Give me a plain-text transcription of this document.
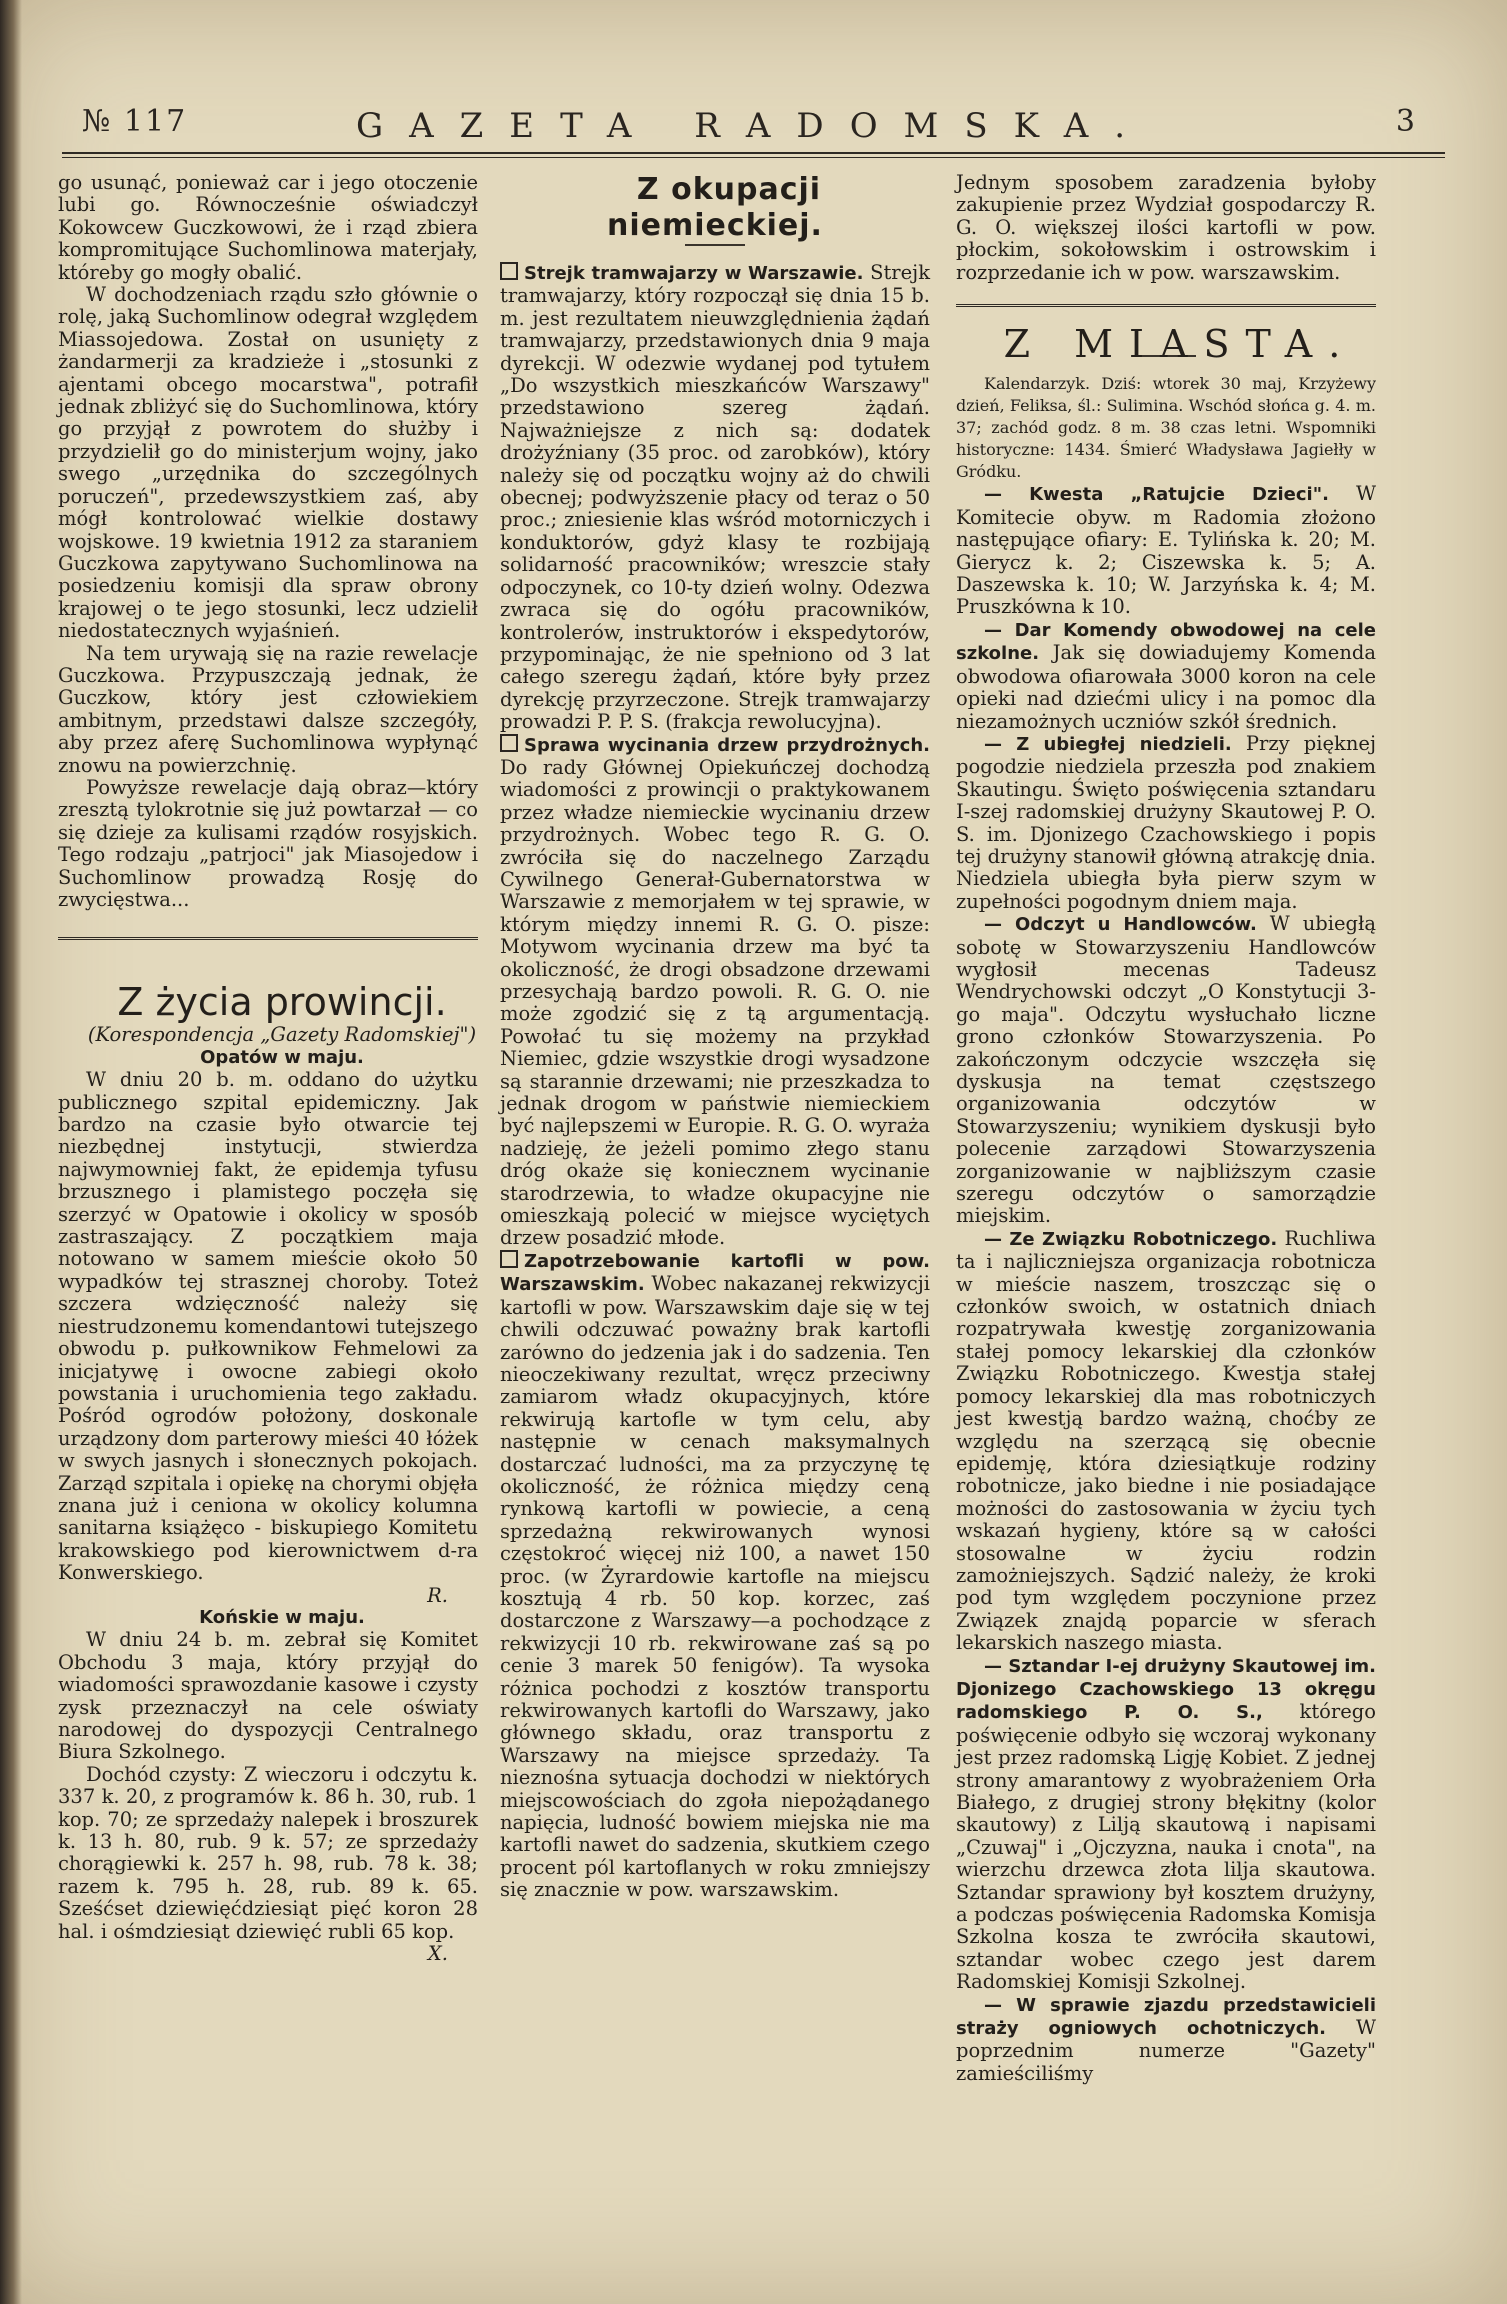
№ 117	GAZETA RADOMSKA.	3

go usunąć, ponieważ car i jego otoczenie lubi go. Równocześnie oświadczył Kokowcew Guczkowowi, że i rząd zbiera kompromitujące Suchomlinowa materjały, któreby go mogły obalić.

W dochodzeniach rządu szło głównie o rolę, jaką Suchomlinow odegrał względem Miassojedowa. Został on usunięty z żandarmerji za kradzieże i „stosunki z ajentami obcego mocarstwa", potrafił jednak zbliżyć się do Suchomlinowa, który go przyjął z powrotem do służby i przydzielił go do ministerjum wojny, jako swego „urzędnika do szczególnych poruczeń", przedewszystkiem zaś, aby mógł kontrolować wielkie dostawy wojskowe. 19 kwietnia 1912 za staraniem Guczkowa zapytywano Suchomlinowa na posiedzeniu komisji dla spraw obrony krajowej o te jego stosunki, lecz udzielił niedostatecznych wyjaśnień.

Na tem urywają się na razie rewelacje Guczkowa. Przypuszczają jednak, że Guczkow, który jest człowiekiem ambitnym, przedstawi dalsze szczegóły, aby przez aferę Suchomlinowa wypłynąć znowu na powierzchnię.

Powyższe rewelacje dają obraz—który zresztą tylokrotnie się już powtarzał — co się dzieje za kulisami rządów rosyjskich. Tego rodzaju „patrjoci" jak Miasojedow i Suchomlinow prowadzą Rosję do zwycięstwa...

Z życia prowincji.

(Korespondencja „Gazety Radomskiej")

Opatów w maju.

W dniu 20 b. m. oddano do użytku publicznego szpital epidemiczny. Jak bardzo na czasie było otwarcie tej niezbędnej instytucji, stwierdza najwymowniej fakt, że epidemja tyfusu brzusznego i plamistego poczęła się szerzyć w Opatowie i okolicy w sposób zastraszający. Z początkiem maja notowano w samem mieście około 50 wypadków tej strasznej choroby. Toteż szczera wdzięczność należy się niestrudzonemu komendantowi tutejszego obwodu p. pułkownikow Fehmelowi za inicjatywę i owocne zabiegi około powstania i uruchomienia tego zakładu. Pośród ogrodów położony, doskonale urządzony dom parterowy mieści 40 łóżek w swych jasnych i słonecznych pokojach. Zarząd szpitala i opiekę na chorymi objęła znana już i ceniona w okolicy kolumna sanitarna książęco - biskupiego Komitetu krakowskiego pod kierownictwem d-ra Konwerskiego.

R.

Końskie w maju.

W dniu 24 b. m. zebrał się Komitet Obchodu 3 maja, który przyjął do wiadomości sprawozdanie kasowe i czysty zysk przeznaczył na cele oświaty narodowej do dyspozycji Centralnego Biura Szkolnego.

Dochód czysty: Z wieczoru i odczytu k. 337 k. 20, z programów k. 86 h. 30, rub. 1 kop. 70; ze sprzedaży nalepek i broszurek k. 13 h. 80, rub. 9 k. 57; ze sprzedaży chorągiewki k. 257 h. 98, rub. 78 k. 38; razem k. 795 h. 28, rub. 89 k. 65. Sześćset dziewięćdziesiąt pięć koron 28 hal. i ośmdziesiąt dziewięć rubli 65 kop.

X.

Z okupacji niemieckiej.

Strejk tramwajarzy w Warszawie. Strejk tramwajarzy, który rozpoczął się dnia 15 b. m. jest rezultatem nieuwzględnienia żądań tramwajarzy, przedstawionych dnia 9 maja dyrekcji. W odezwie wydanej pod tytułem „Do wszystkich mieszkańców Warszawy" przedstawiono szereg żądań. Najważniejsze z nich są: dodatek drożyźniany (35 proc. od zarobków), który należy się od początku wojny aż do chwili obecnej; podwyższenie płacy od teraz o 50 proc.; zniesienie klas wśród motorniczych i konduktorów, gdyż klasy te rozbijają solidarność pracowników; wreszcie stały odpoczynek, co 10-ty dzień wolny. Odezwa zwraca się do ogółu pracowników, kontrolerów, instruktorów i ekspedytorów, przypominając, że nie spełniono od 3 lat całego szeregu żądań, które były przez dyrekcję przyrzeczone. Strejk tramwajarzy prowadzi P. P. S. (frakcja rewolucyjna).

Sprawa wycinania drzew przydrożnych. Do rady Głównej Opiekuńczej dochodzą wiadomości z prowincji o praktykowanem przez władze niemieckie wycinaniu drzew przydrożnych. Wobec tego R. G. O. zwróciła się do naczelnego Zarządu Cywilnego Generał-Gubernatorstwa w Warszawie z memorjałem w tej sprawie, w którym między innemi R. G. O. pisze: Motywom wycinania drzew ma być ta okoliczność, że drogi obsadzone drzewami przesychają bardzo powoli. R. G. O. nie może zgodzić się z tą argumentacją. Powołać tu się możemy na przykład Niemiec, gdzie wszystkie drogi wysadzone są starannie drzewami; nie przeszkadza to jednak drogom w państwie niemieckiem być najlepszemi w Europie. R. G. O. wyraża nadzieję, że jeżeli pomimo złego stanu dróg okaże się koniecznem wycinanie starodrzewia, to władze okupacyjne nie omieszkają polecić w miejsce wyciętych drzew posadzić młode.

Zapotrzebowanie kartofli w pow. Warszawskim. Wobec nakazanej rekwizycji kartofli w pow. Warszawskim daje się w tej chwili odczuwać poważny brak kartofli zarówno do jedzenia jak i do sadzenia. Ten nieoczekiwany rezultat, wręcz przeciwny zamiarom władz okupacyjnych, które rekwirują kartofle w tym celu, aby następnie w cenach maksymalnych dostarczać ludności, ma za przyczynę tę okoliczność, że różnica między ceną rynkową kartofli w powiecie, a ceną sprzedażną rekwirowanych wynosi częstokroć więcej niż 100, a nawet 150 proc. (w Żyrardowie kartofle na miejscu kosztują 4 rb. 50 kop. korzec, zaś dostarczone z Warszawy—a pochodzące z rekwizycji 10 rb. rekwirowane zaś są po cenie 3 marek 50 fenigów). Ta wysoka różnica pochodzi z kosztów transportu rekwirowanych kartofli do Warszawy, jako głównego składu, oraz transportu z Warszawy na miejsce sprzedaży. Ta nieznośna sytuacja dochodzi w niektórych miejscowościach do zgoła niepożądanego napięcia, ludność bowiem miejska nie ma kartofli nawet do sadzenia, skutkiem czego procent pól kartoflanych w roku zmniejszy się znacznie w pow. warszawskim.

Jednym sposobem zaradzenia byłoby zakupienie przez Wydział gospodarczy R. G. O. większej ilości kartofli w pow. płockim, sokołowskim i ostrowskim i rozprzedanie ich w pow. warszawskim.

Z MIASTA.

Kalendarzyk. Dziś: wtorek 30 maj, Krzyżewy dzień, Feliksa, śl.: Sulimina. Wschód słońca g. 4. m. 37; zachód godz. 8 m. 38 czas letni. Wspomniki historyczne: 1434. Śmierć Władysława Jagiełły w Gródku.

— Kwesta „Ratujcie Dzieci". W Komitecie obyw. m Radomia złożono następujące ofiary: E. Tylińska k. 20; M. Gierycz k. 2; Ciszewska k. 5; A. Daszewska k. 10; W. Jarzyńska k. 4; M. Pruszkówna k 10.

— Dar Komendy obwodowej na cele szkolne. Jak się dowiadujemy Komenda obwodowa ofiarowała 3000 koron na cele opieki nad dziećmi ulicy i na pomoc dla niezamożnych uczniów szkół średnich.

— Z ubiegłej niedzieli. Przy pięknej pogodzie niedziela przeszła pod znakiem Skautingu. Święto poświęcenia sztandaru I-szej radomskiej drużyny Skautowej P. O. S. im. Djonizego Czachowskiego i popis tej drużyny stanowił główną atrakcję dnia. Niedziela ubiegła była pierw szym w zupełności pogodnym dniem maja.

— Odczyt u Handlowców. W ubiegłą sobotę w Stowarzyszeniu Handlowców wygłosił mecenas Tadeusz Wendrychowski odczyt „O Konstytucji 3-go maja". Odczytu wysłuchało liczne grono członków Stowarzyszenia. Po zakończonym odczycie wszczęła się dyskusja na temat częstszego organizowania odczytów w Stowarzyszeniu; wynikiem dyskusji było polecenie zarządowi Stowarzyszenia zorganizowanie w najbliższym czasie szeregu odczytów o samorządzie miejskim.

— Ze Związku Robotniczego. Ruchliwa ta i najliczniejsza organizacja robotnicza w mieście naszem, troszcząc się o członków swoich, w ostatnich dniach rozpatrywała kwestję zorganizowania stałej pomocy lekarskiej dla członków Związku Robotniczego. Kwestja stałej pomocy lekarskiej dla mas robotniczych jest kwestją bardzo ważną, choćby ze względu na szerzącą się obecnie epidemję, która dziesiątkuje rodziny robotnicze, jako biedne i nie posiadające możności do zastosowania w życiu tych wskazań hygieny, które są w całości stosowalne w życiu rodzin zamożniejszych. Sądzić należy, że kroki pod tym względem poczynione przez Związek znajdą poparcie w sferach lekarskich naszego miasta.

— Sztandar I-ej drużyny Skautowej im. Djonizego Czachowskiego 13 okręgu radomskiego P. O. S., którego poświęcenie odbyło się wczoraj wykonany jest przez radomską Ligję Kobiet. Z jednej strony amarantowy z wyobrażeniem Orła Białego, z drugiej strony błękitny (kolor skautowy) z Lilją skautową i napisami „Czuwaj" i „Ojczyzna, nauka i cnota", na wierzchu drzewca złota lilja skautowa. Sztandar sprawiony był kosztem drużyny, a podczas poświęcenia Radomska Komisja Szkolna kosza te zwróciła skautowi, sztandar wobec czego jest darem Radomskiej Komisji Szkolnej.

— W sprawie zjazdu przedstawicieli straży ogniowych ochotniczych. W poprzednim numerze "Gazety" zamieściliśmy
